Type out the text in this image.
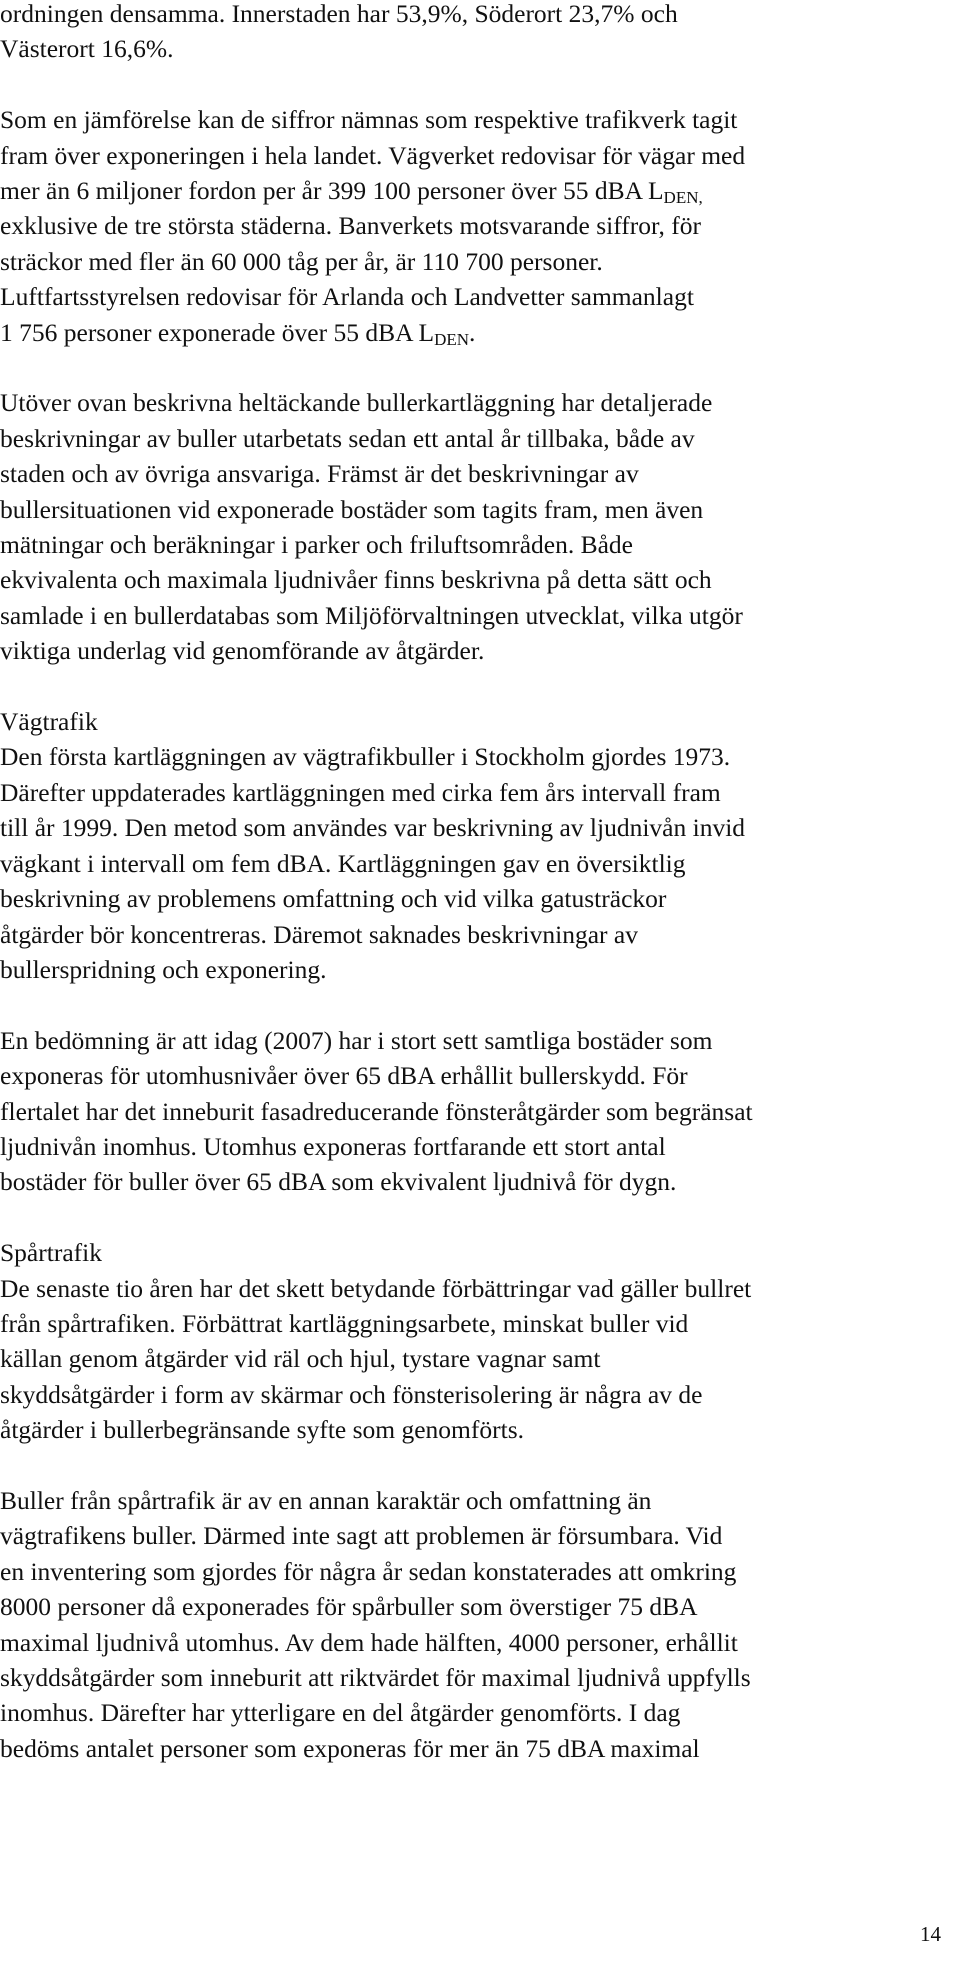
ordningen densamma. Innerstaden har 53,9%, Söderort 23,7% och
Västerort 16,6%.

Som en jämförelse kan de siffror nämnas som respektive trafikverk tagit
fram över exponeringen i hela landet. Vägverket redovisar för vägar med
mer än 6 miljoner fordon per år 399 100 personer över 55 dBA $L_{DEN,}$
exklusive de tre största städerna. Banverkets motsvarande siffror, för
sträckor med fler än 60 000 tåg per år, är 110 700 personer.
Luftfartsstyrelsen redovisar för Arlanda och Landvetter sammanlagt
1 756 personer exponerade över 55 dBA $L_{DEN}$.

Utöver ovan beskrivna heltäckande bullerkartläggning har detaljerade
beskrivningar av buller utarbetats sedan ett antal år tillbaka, både av
staden och av övriga ansvariga. Främst är det beskrivningar av
bullersituationen vid exponerade bostäder som tagits fram, men även
mätningar och beräkningar i parker och friluftsområden. Både
ekvivalenta och maximala ljudnivåer finns beskrivna på detta sätt och
samlade i en bullerdatabas som Miljöförvaltningen utvecklat, vilka utgör
viktiga underlag vid genomförande av åtgärder.

Vägtrafik

Den första kartläggningen av vägtrafikbuller i Stockholm gjordes 1973.
Därefter uppdaterades kartläggningen med cirka fem års intervall fram
till år 1999. Den metod som användes var beskrivning av ljudnivån invid
vägkant i intervall om fem dBA. Kartläggningen gav en översiktlig
beskrivning av problemens omfattning och vid vilka gatusträckor
åtgärder bör koncentreras. Däremot saknades beskrivningar av
bullerspridning och exponering.

En bedömning är att idag (2007) har i stort sett samtliga bostäder som
exponeras för utomhusnivåer över 65 dBA erhållit bullerskydd. För
flertalet har det inneburit fasadreducerande fönsteråtgärder som begränsat
ljudnivån inomhus. Utomhus exponeras fortfarande ett stort antal
bostäder för buller över 65 dBA som ekvivalent ljudnivå för dygn.

Spårtrafik

De senaste tio åren har det skett betydande förbättringar vad gäller bullret
från spårtrafiken. Förbättrat kartläggningsarbete, minskat buller vid
källan genom åtgärder vid räl och hjul, tystare vagnar samt
skyddsåtgärder i form av skärmar och fönsterisolering är några av de
åtgärder i bullerbegränsande syfte som genomförts.

Buller från spårtrafik är av en annan karaktär och omfattning än
vägtrafikens buller. Därmed inte sagt att problemen är försumbara. Vid
en inventering som gjordes för några år sedan konstaterades att omkring
8000 personer då exponerades för spårbuller som överstiger 75 dBA
maximal ljudnivå utomhus. Av dem hade hälften, 4000 personer, erhållit
skyddsåtgärder som inneburit att riktvärdet för maximal ljudnivå uppfylls
inomhus. Därefter har ytterligare en del åtgärder genomförts. I dag
bedöms antalet personer som exponeras för mer än 75 dBA maximal

14
